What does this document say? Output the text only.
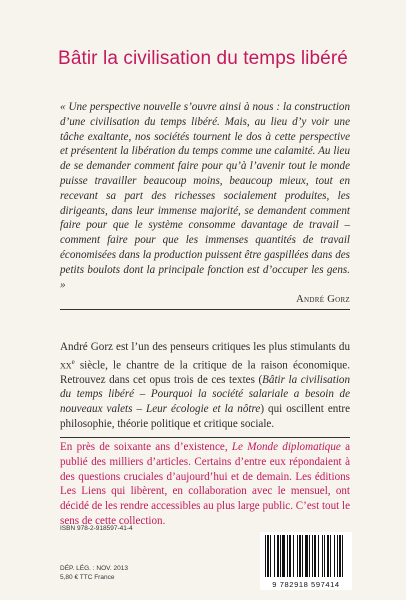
Bâtir la civilisation du temps libéré

« Une perspective nouvelle s’ouvre ainsi à nous : la construction d’une civilisation du temps libéré. Mais, au lieu d’y voir une tâche exaltante, nos sociétés tournent le dos à cette perspective et présentent la libération du temps comme une calamité. Au lieu de se demander comment faire pour qu’à l’avenir tout le monde puisse travailler beaucoup moins, beaucoup mieux, tout en recevant sa part des richesses socialement produites, les dirigeants, dans leur immense majorité, se demandent comment faire pour que le système consomme davantage de travail – comment faire pour que les immenses quantités de travail économisées dans la production puissent être gaspillées dans des petits boulots dont la principale fonction est d’occuper les gens. »

André Gorz

André Gorz est l’un des penseurs critiques les plus stimulants du $xx^e$ siècle, le chantre de la critique de la raison économique. Retrouvez dans cet opus trois de ces textes (Bâtir la civilisation du temps libéré – Pourquoi la société salariale a besoin de nouveaux valets – Leur écologie et la nôtre) qui oscillent entre philosophie, théorie politique et critique sociale.

En près de soixante ans d’existence, Le Monde diplomatique a publié des milliers d’articles. Certains d’entre eux répondaient à des questions cruciales d’aujourd’hui et de demain. Les éditions Les Liens qui libèrent, en collaboration avec le mensuel, ont décidé de les rendre accessibles au plus large public. C’est tout le sens de cette collection.

ISBN 978-2-918597-41-4
DÉP. LÉG. : NOV. 2013
5,80 € TTC France
9 782918 597414
